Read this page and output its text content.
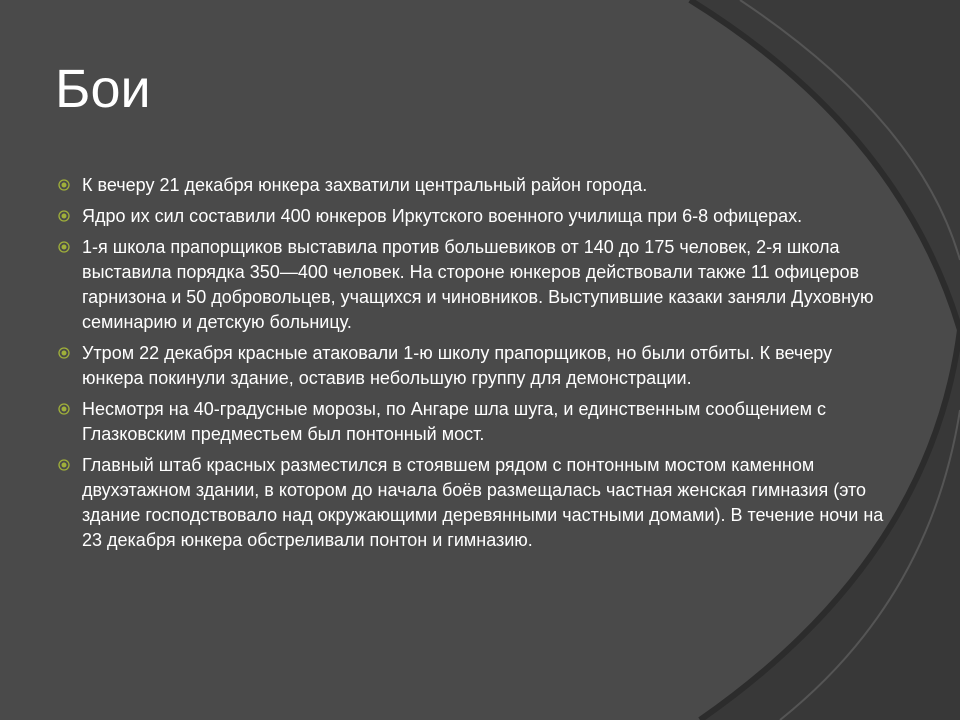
Бои
К вечеру 21 декабря юнкера захватили центральный район города.
Ядро их сил составили 400 юнкеров Иркутского военного училища при 6-8 офицерах.
1-я школа прапорщиков выставила против большевиков от 140 до 175 человек, 2-я школа выставила порядка 350—400 человек. На стороне юнкеров действовали также 11 офицеров гарнизона и 50 добровольцев, учащихся и чиновников. Выступившие казаки заняли Духовную семинарию и детскую больницу.
Утром 22 декабря красные атаковали 1-ю школу прапорщиков, но были отбиты. К вечеру юнкера покинули здание, оставив небольшую группу для демонстрации.
Несмотря на 40-градусные морозы, по Ангаре шла шуга, и единственным сообщением с Глазковским предместьем был понтонный мост.
Главный штаб красных разместился в стоявшем рядом с понтонным мостом каменном двухэтажном здании, в котором до начала боёв размещалась частная женская гимназия (это здание господствовало над окружающими деревянными частными домами). В течение ночи на 23 декабря юнкера обстреливали понтон и гимназию.
